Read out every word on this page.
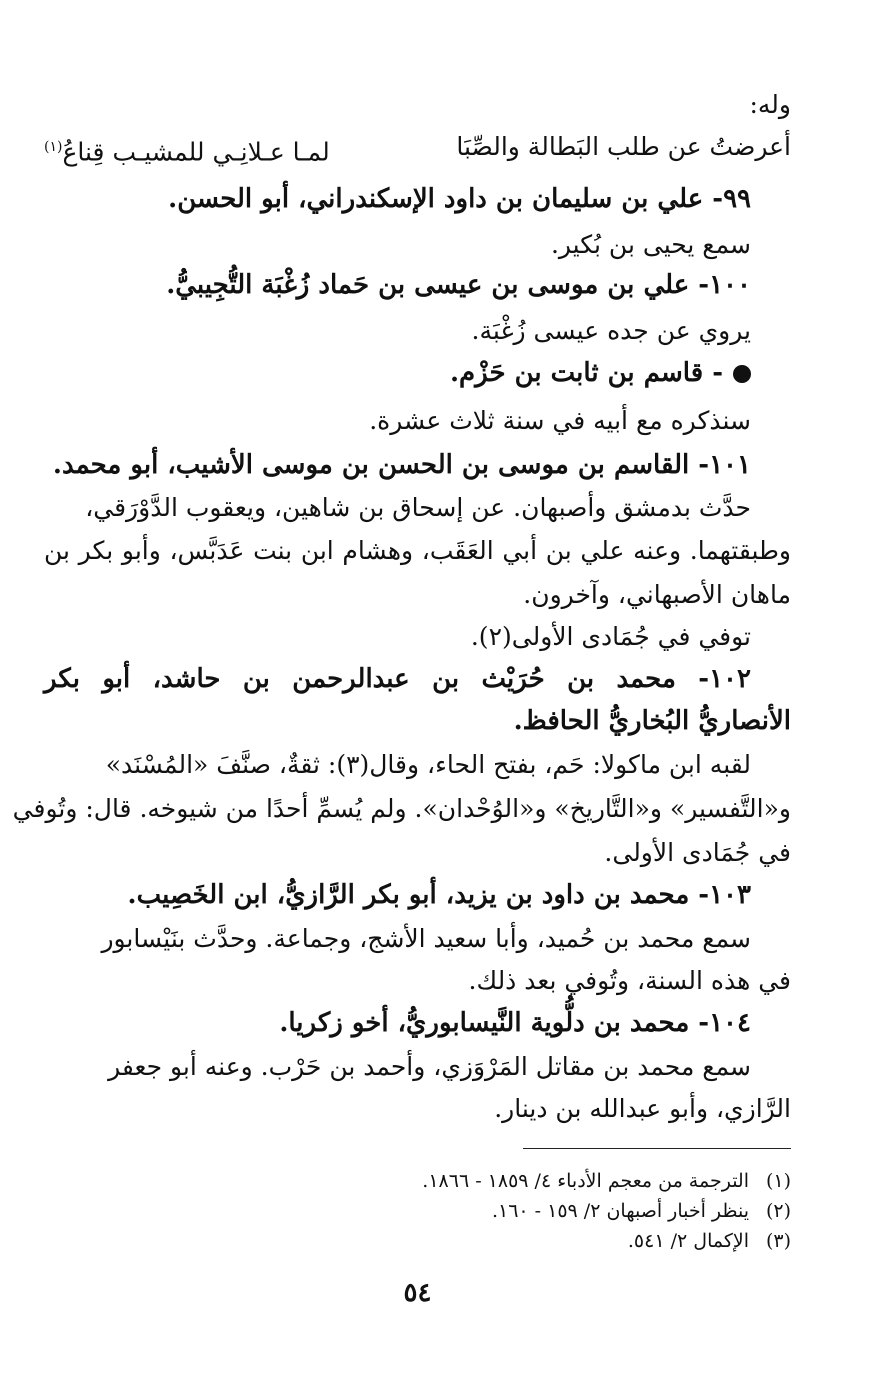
وله:
أعرضتُ عن طلب البَطالة والصِّبَا
لمـا عـلانِـي للمشيـب قِناعُ$^{(١)}$
٩٩- علي بن سليمان بن داود الإسكندراني، أبو الحسن.
سمع يحيى بن بُكير.
١٠٠- علي بن موسى بن عيسى بن حَماد زُغْبَة التُّجِيبيُّ.
يروي عن جده عيسى زُغْبَة.
- قاسم بن ثابت بن حَزْم.
سنذكره مع أبيه في سنة ثلاث عشرة.
١٠١- القاسم بن موسى بن الحسن بن موسى الأشيب، أبو محمد.
حدَّث بدمشق وأصبهان. عن إسحاق بن شاهين، ويعقوب الدَّوْرَقي،
وطبقتهما. وعنه علي بن أبي العَقَب، وهشام ابن بنت عَدَبَّس، وأبو بكر بن
ماهان الأصبهاني، وآخرون.
توفي في جُمَادى الأولى(٢).
١٠٢- محمد بن حُرَيْث بن عبدالرحمن بن حاشد، أبو بكر
الأنصاريُّ البُخاريُّ الحافظ.
لقبه ابن ماكولا: حَم، بفتح الحاء، وقال(٣): ثقةٌ، صنَّفَ «المُسْنَد»
و«التَّفسير» و«التَّاريخ» و«الوُحْدان». ولم يُسمِّ أحدًا من شيوخه. قال: وتُوفي
في جُمَادى الأولى.
١٠٣- محمد بن داود بن يزيد، أبو بكر الرَّازيُّ، ابن الخَصِيب.
سمع محمد بن حُميد، وأبا سعيد الأشج، وجماعة. وحدَّث بنَيْسابور
في هذه السنة، وتُوفي بعد ذلك.
١٠٤- محمد بن دلُّوية النَّيسابوريُّ، أخو زكريا.
سمع محمد بن مقاتل المَرْوَزي، وأحمد بن حَرْب. وعنه أبو جعفر
الرَّازي، وأبو عبدالله بن دينار.
(١)الترجمة من معجم الأدباء ٤/ ١٨٥٩ - ١٨٦٦.
(٢)ينظر أخبار أصبهان ٢/ ١٥٩ - ١٦٠.
(٣)الإكمال ٢/ ٥٤١.
٥٤
